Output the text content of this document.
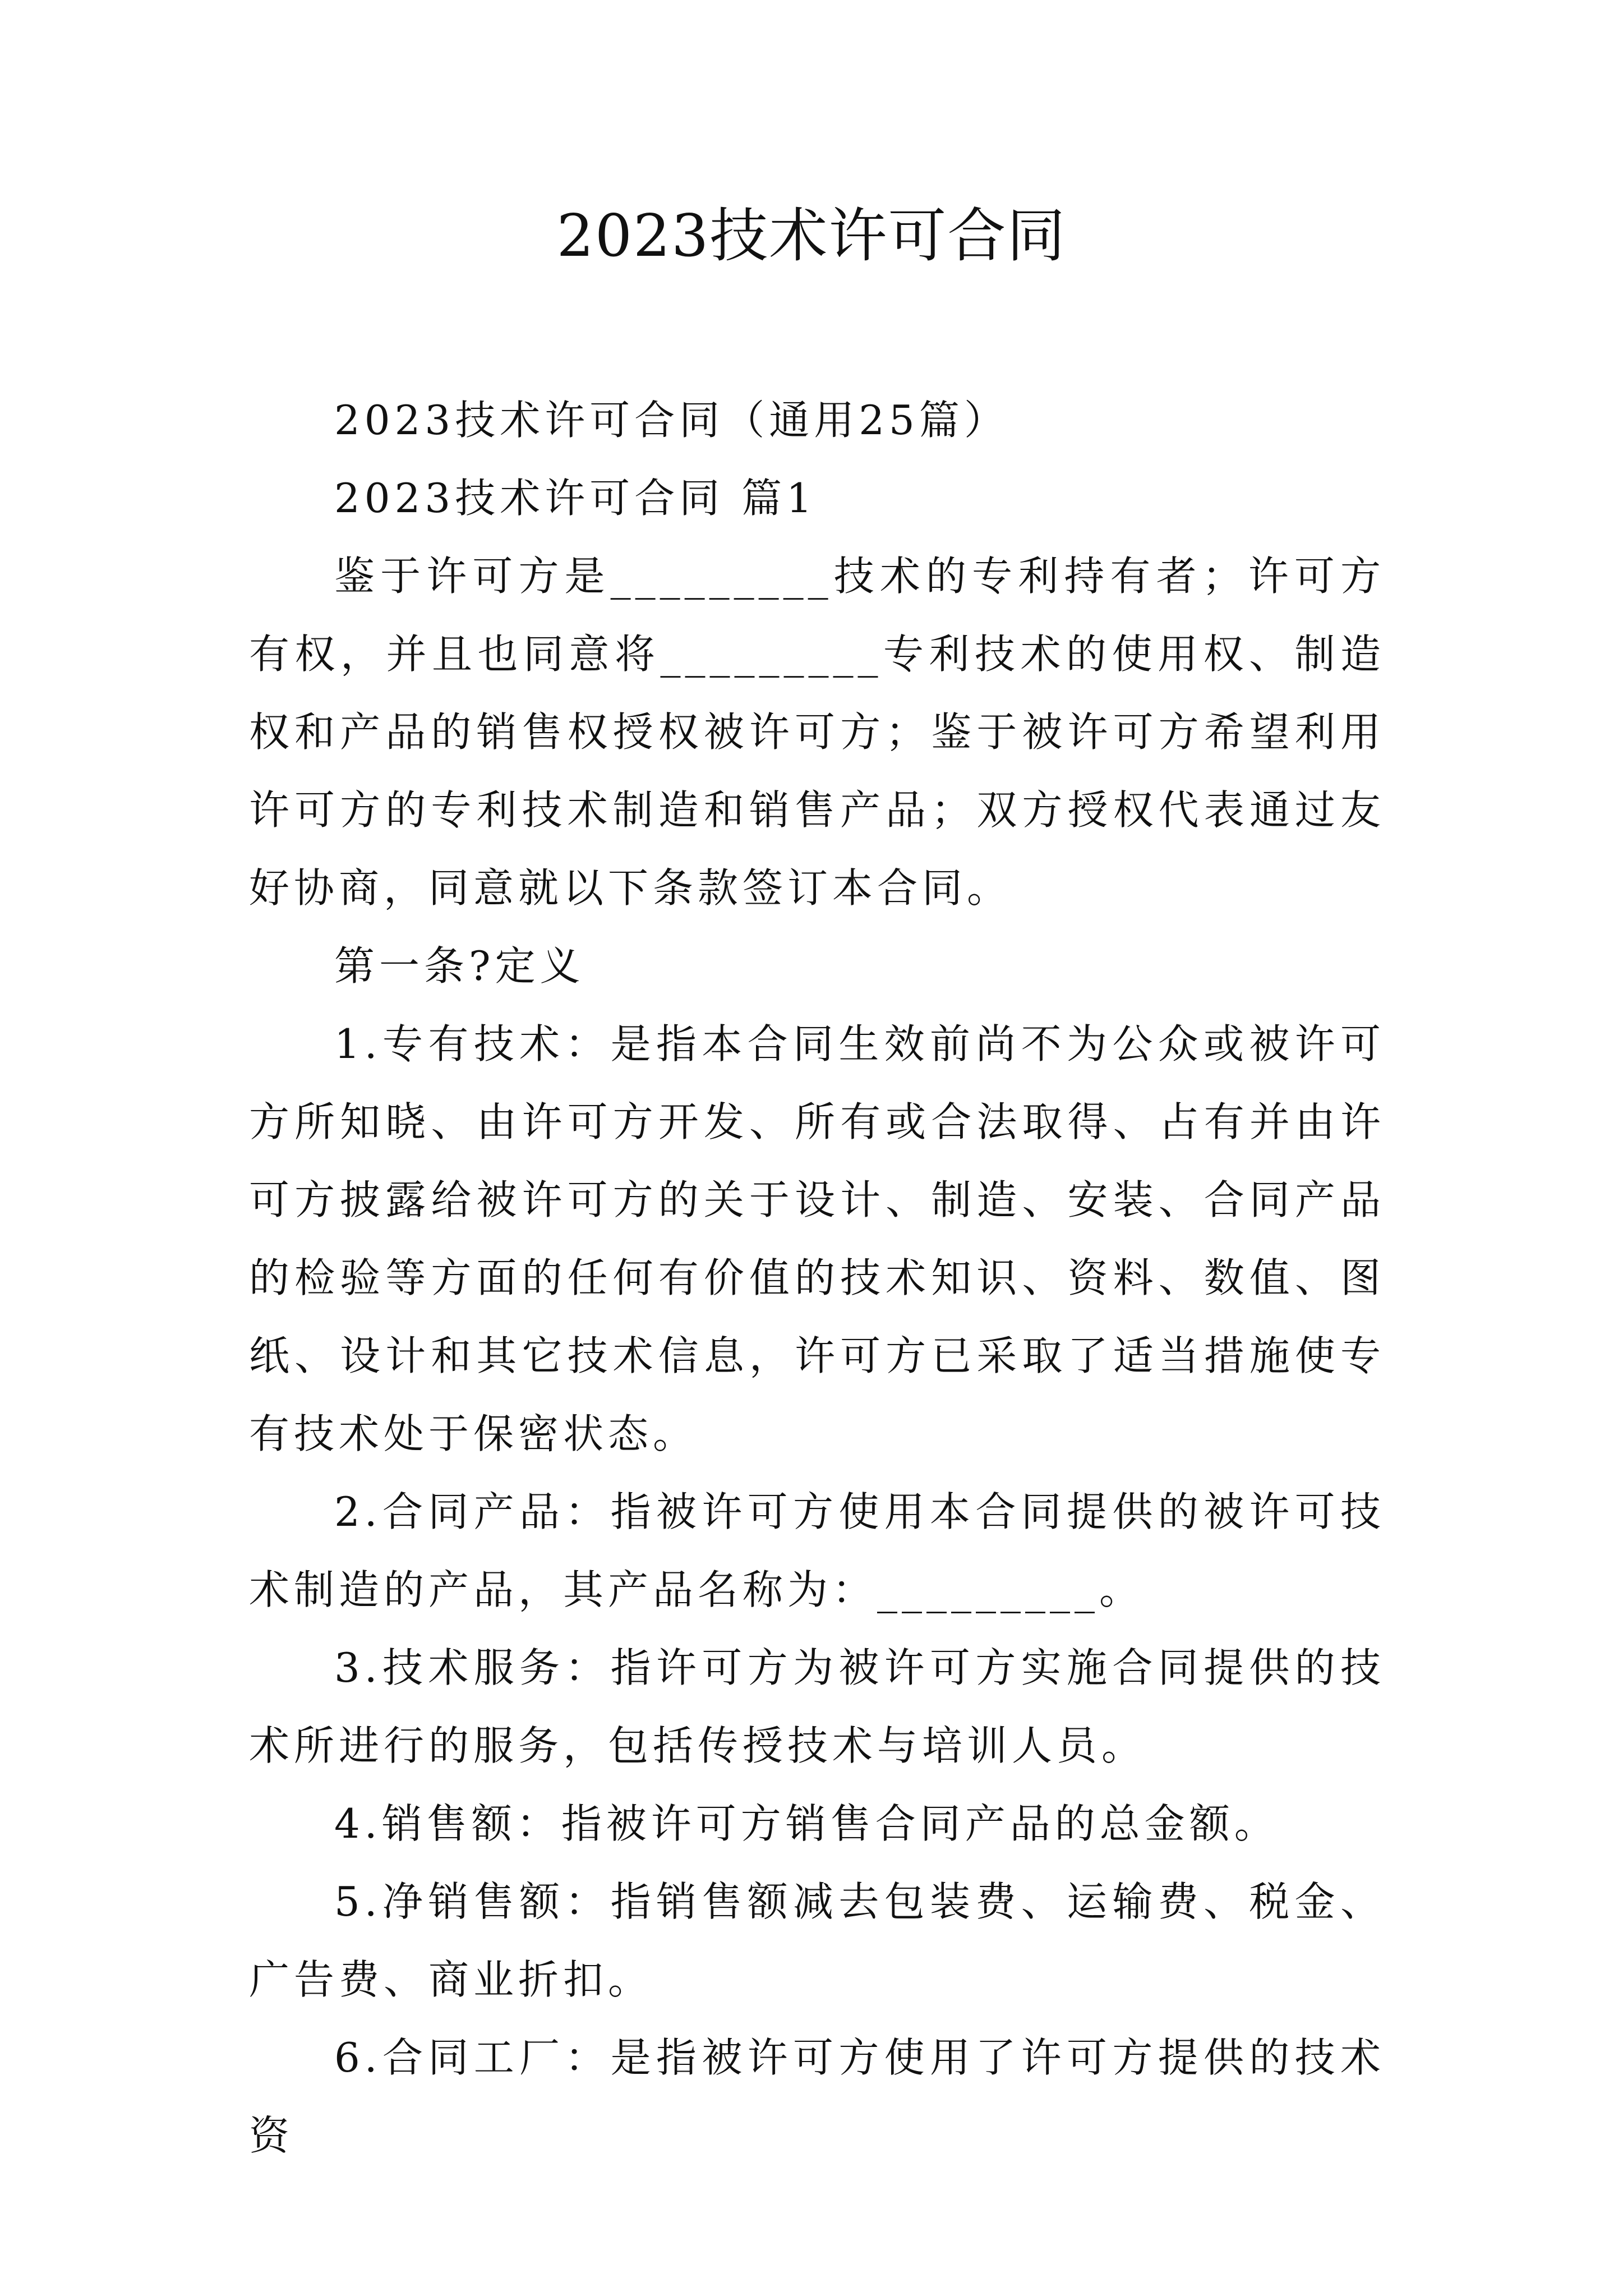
2023技术许可合同

2023技术许可合同（通用25篇）

2023技术许可合同 篇1

鉴于许可方是_________技术的专利持有者；许可方有权，并且也同意将_________专利技术的使用权、制造权和产品的销售权授权被许可方；鉴于被许可方希望利用许可方的专利技术制造和销售产品；双方授权代表通过友好协商，同意就以下条款签订本合同。

第一条?定义

1.专有技术：是指本合同生效前尚不为公众或被许可方所知晓、由许可方开发、所有或合法取得、占有并由许可方披露给被许可方的关于设计、制造、安装、合同产品的检验等方面的任何有价值的技术知识、资料、数值、图纸、设计和其它技术信息，许可方已采取了适当措施使专有技术处于保密状态。

2.合同产品：指被许可方使用本合同提供的被许可技术制造的产品，其产品名称为：_________。

3.技术服务：指许可方为被许可方实施合同提供的技术所进行的服务，包括传授技术与培训人员。

4.销售额：指被许可方销售合同产品的总金额。

5.净销售额：指销售额减去包装费、运输费、税金、广告费、商业折扣。

6.合同工厂：是指被许可方使用了许可方提供的技术资
